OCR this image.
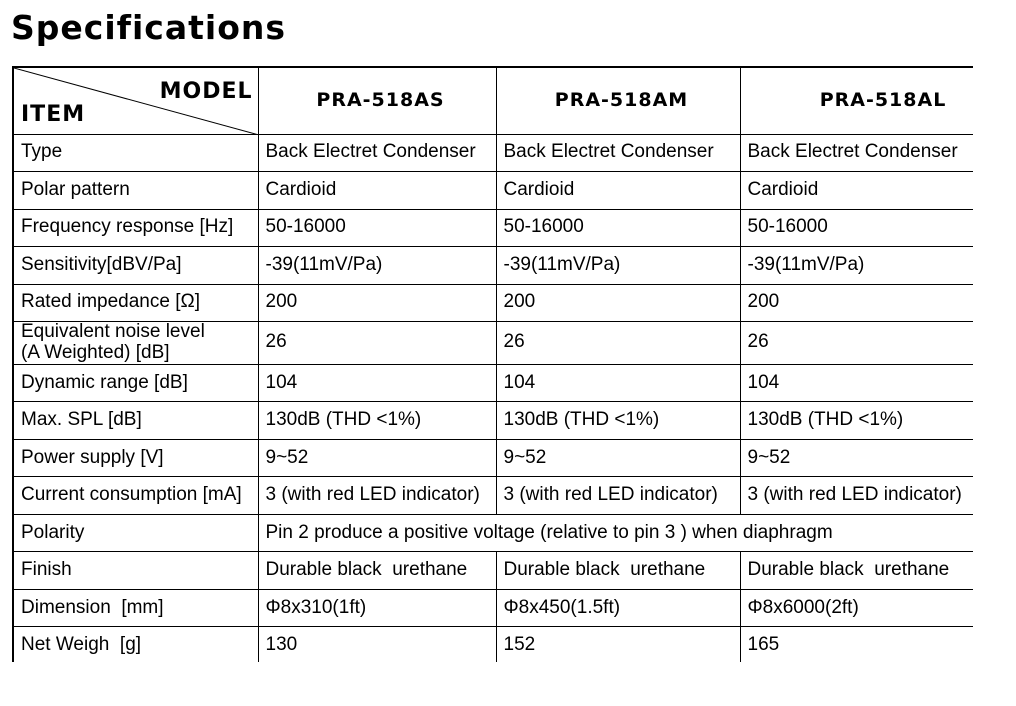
Specifications
MODEL
ITEM	PRA-518AS	PRA-518AM	PRA-518AL
Type	Back Electret Condenser	Back Electret Condenser	Back Electret Condenser
Polar pattern	Cardioid	Cardioid	Cardioid
Frequency response [Hz]	50-16000	50-16000	50-16000
Sensitivity[dBV/Pa]	-39(11mV/Pa)	-39(11mV/Pa)	-39(11mV/Pa)
Rated impedance [Ω]	200	200	200

Equivalent noise level
(A Weighted) [dB]	26	26	26
Dynamic range [dB]	104	104	104
Max. SPL [dB]	130dB (THD <1%)	130dB (THD <1%)	130dB (THD <1%)
Power supply [V]	9~52	9~52	9~52
Current consumption [mA]	3 (with red LED indicator)	3 (with red LED indicator)	3 (with red LED indicator)
Polarity	Pin 2 produce a positive voltage (relative to pin 3 ) when diaphragm		
Finish	Durable black  urethane	Durable black  urethane	Durable black  urethane
Dimension  [mm]	Φ8x310(1ft)	Φ8x450(1.5ft)	Φ8x6000(2ft)
Net Weigh  [g]	130	152	165
